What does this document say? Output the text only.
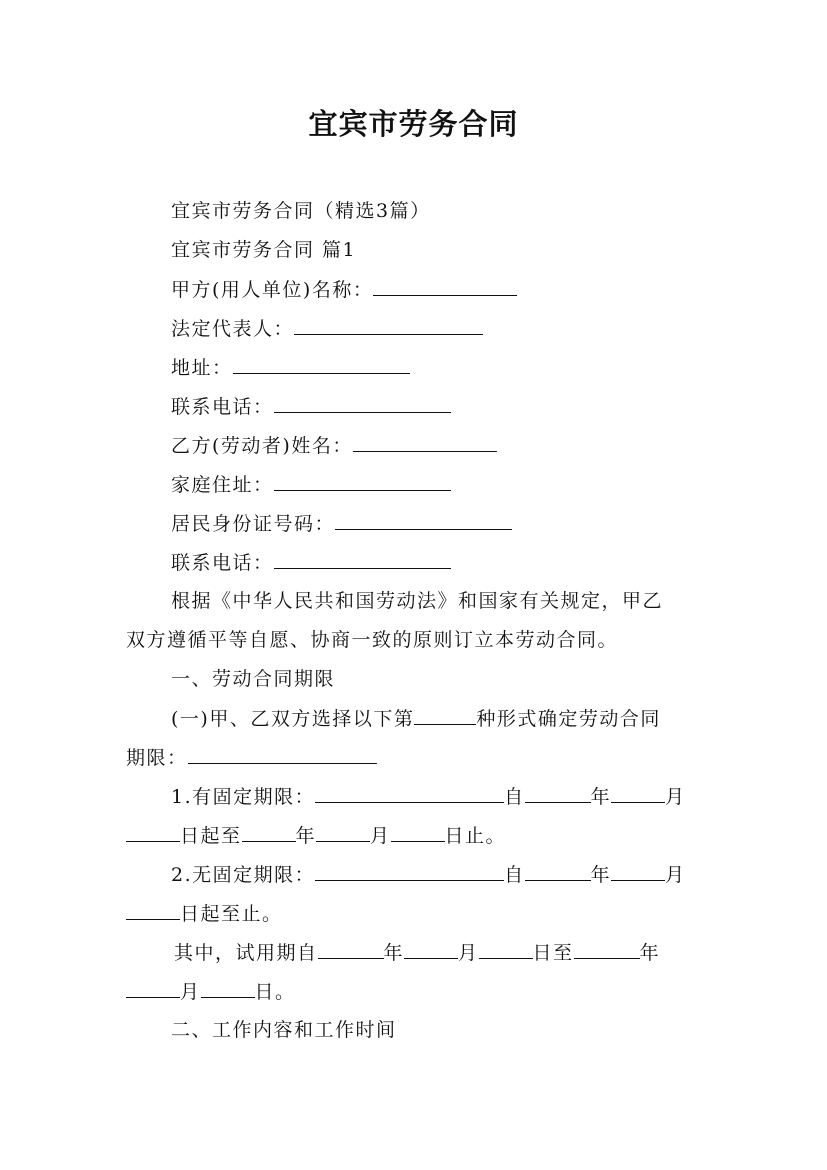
宜宾市劳务合同
宜宾市劳务合同（精选3篇）
宜宾市劳务合同 篇1
甲方(用人单位)名称：
法定代表人：
地址：
联系电话：
乙方(劳动者)姓名：
家庭住址：
居民身份证号码：
联系电话：
根据《中华人民共和国劳动法》和国家有关规定，甲乙
双方遵循平等自愿、协商一致的原则订立本劳动合同。
一、劳动合同期限
(一)甲、乙双方选择以下第	种形式确定劳动合同
期限：
1.有固定期限：	自	年	月
日起至	年	月	日止。
2.无固定期限：	自	年	月
日起至止。
其中，试用期自	年	月	日至	年
月	日。
二、工作内容和工作时间
